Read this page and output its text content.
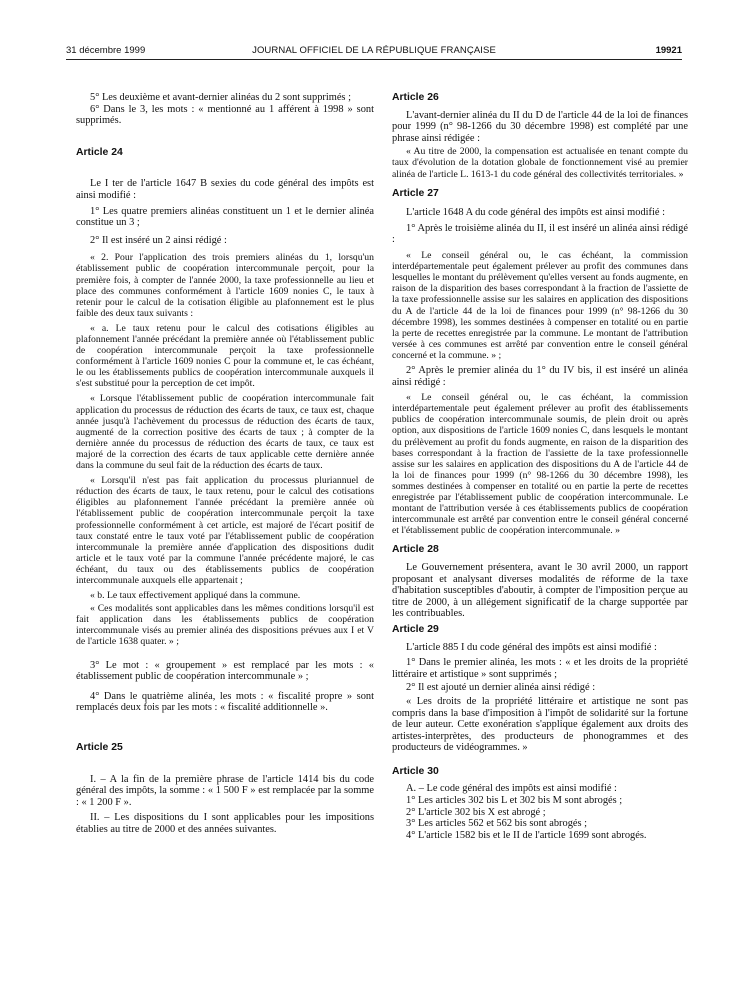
31 décembre 1999	JOURNAL OFFICIEL DE LA RÉPUBLIQUE FRANÇAISE	19921

5° Les deuxième et avant-dernier alinéas du 2 sont supprimés ;

6° Dans le 3, les mots : « mentionné au 1 afférent à 1998 » sont supprimés.

Article 24

Le I ter de l'article 1647 B sexies du code général des impôts est ainsi modifié :

1° Les quatre premiers alinéas constituent un 1 et le dernier alinéa constitue un 3 ;

2° Il est inséré un 2 ainsi rédigé :

« 2. Pour l'application des trois premiers alinéas du 1, lorsqu'un établissement public de coopération intercommunale perçoit, pour la première fois, à compter de l'année 2000, la taxe professionnelle au lieu et place des communes conformément à l'article 1609 nonies C, le taux à retenir pour le calcul de la cotisation éligible au plafonnement est le plus faible des deux taux suivants :

« a. Le taux retenu pour le calcul des cotisations éligibles au plafonnement l'année précédant la première année où l'établissement public de coopération intercommunale perçoit la taxe professionnelle conformément à l'article 1609 nonies C pour la commune et, le cas échéant, le ou les établissements publics de coopération intercommunale auxquels il s'est substitué pour la perception de cet impôt.

« Lorsque l'établissement public de coopération intercommunale fait application du processus de réduction des écarts de taux, ce taux est, chaque année jusqu'à l'achèvement du processus de réduction des écarts de taux, augmenté de la correction positive des écarts de taux ; à compter de la dernière année du processus de réduction des écarts de taux, ce taux est majoré de la correction des écarts de taux applicable cette dernière année dans la commune du seul fait de la réduction des écarts de taux.

« Lorsqu'il n'est pas fait application du processus pluriannuel de réduction des écarts de taux, le taux retenu, pour le calcul des cotisations éligibles au plafonnement l'année précédant la première année où l'établissement public de coopération intercommunale perçoit la taxe professionnelle conformément à cet article, est majoré de l'écart positif de taux constaté entre le taux voté par l'établissement public de coopération intercommunale la première année d'application des dispositions dudit article et le taux voté par la commune l'année précédente majoré, le cas échéant, du taux ou des établissements publics de coopération intercommunale auxquels elle appartenait ;

« b. Le taux effectivement appliqué dans la commune.

« Ces modalités sont applicables dans les mêmes conditions lorsqu'il est fait application dans les établissements publics de coopération intercommunale visés au premier alinéa des dispositions prévues aux I et V de l'article 1638 quater. » ;

3° Le mot : « groupement » est remplacé par les mots : « établissement public de coopération intercommunale » ;

4° Dans le quatrième alinéa, les mots : « fiscalité propre » sont remplacés deux fois par les mots : « fiscalité additionnelle ».

Article 25

I. – A la fin de la première phrase de l'article 1414 bis du code général des impôts, la somme : « 1 500 F » est remplacée par la somme : « 1 200 F ».

II. – Les dispositions du I sont applicables pour les impositions établies au titre de 2000 et des années suivantes.

Article 26

L'avant-dernier alinéa du II du D de l'article 44 de la loi de finances pour 1999 (n° 98-1266 du 30 décembre 1998) est complété par une phrase ainsi rédigée :

« Au titre de 2000, la compensation est actualisée en tenant compte du taux d'évolution de la dotation globale de fonctionnement visé au premier alinéa de l'article L. 1613-1 du code général des collectivités territoriales. »

Article 27

L'article 1648 A du code général des impôts est ainsi modifié :

1° Après le troisième alinéa du II, il est inséré un alinéa ainsi rédigé :

« Le conseil général ou, le cas échéant, la commission interdépartementale peut également prélever au profit des communes dans lesquelles le montant du prélèvement qu'elles versent au fonds augmente, en raison de la disparition des bases correspondant à la fraction de l'assiette de la taxe professionnelle assise sur les salaires en application des dispositions du A de l'article 44 de la loi de finances pour 1999 (n° 98-1266 du 30 décembre 1998), les sommes destinées à compenser en totalité ou en partie la perte de recettes enregistrée par la commune. Le montant de l'attribution versée à ces communes est arrêté par convention entre le conseil général concerné et la commune. » ;

2° Après le premier alinéa du 1° du IV bis, il est inséré un alinéa ainsi rédigé :

« Le conseil général ou, le cas échéant, la commission interdépartementale peut également prélever au profit des établissements publics de coopération intercommunale soumis, de plein droit ou après option, aux dispositions de l'article 1609 nonies C, dans lesquels le montant du prélèvement au profit du fonds augmente, en raison de la disparition des bases correspondant à la fraction de l'assiette de la taxe professionnelle assise sur les salaires en application des dispositions du A de l'article 44 de la loi de finances pour 1999 (n° 98-1266 du 30 décembre 1998), les sommes destinées à compenser en totalité ou en partie la perte de recettes enregistrée par l'établissement public de coopération intercommunale. Le montant de l'attribution versée à ces établissements publics de coopération intercommunale est arrêté par convention entre le conseil général concerné et l'établissement public de coopération intercommunale. »

Article 28

Le Gouvernement présentera, avant le 30 avril 2000, un rapport proposant et analysant diverses modalités de réforme de la taxe d'habitation susceptibles d'aboutir, à compter de l'imposition perçue au titre de 2000, à un allégement significatif de la charge supportée par les contribuables.

Article 29

L'article 885 I du code général des impôts est ainsi modifié :

1° Dans le premier alinéa, les mots : « et les droits de la propriété littéraire et artistique » sont supprimés ;

2° Il est ajouté un dernier alinéa ainsi rédigé :

« Les droits de la propriété littéraire et artistique ne sont pas compris dans la base d'imposition à l'impôt de solidarité sur la fortune de leur auteur. Cette exonération s'applique également aux droits des artistes-interprètes, des producteurs de phonogrammes et des producteurs de vidéogrammes. »

Article 30

A. – Le code général des impôts est ainsi modifié :

1° Les articles 302 bis L et 302 bis M sont abrogés ;

2° L'article 302 bis X est abrogé ;

3° Les articles 562 et 562 bis sont abrogés ;

4° L'article 1582 bis et le II de l'article 1699 sont abrogés.
